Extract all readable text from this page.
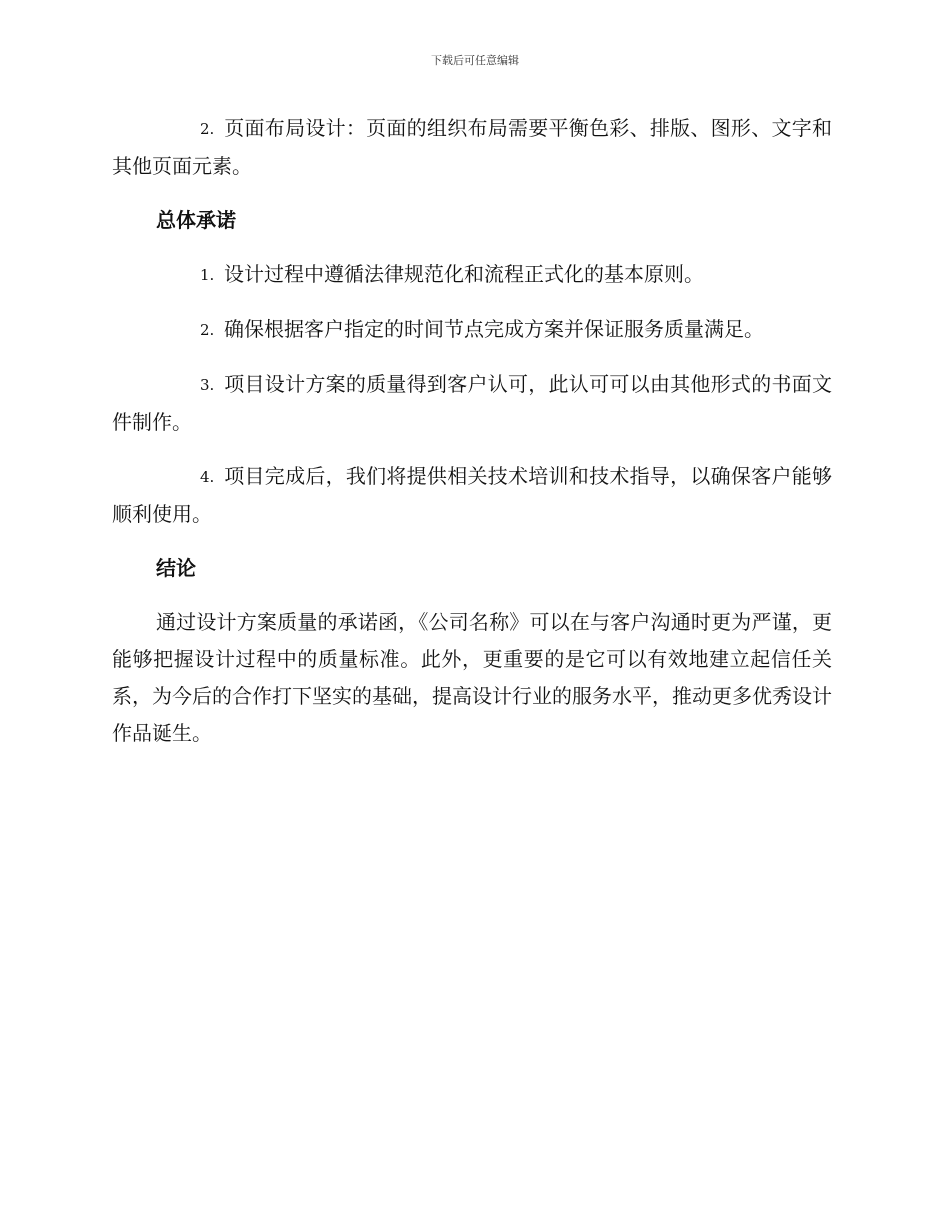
下载后可任意编辑

2. 页面布局设计：页面的组织布局需要平衡色彩、排版、图形、文字和其他页面元素。

总体承诺

1. 设计过程中遵循法律规范化和流程正式化的基本原则。

2. 确保根据客户指定的时间节点完成方案并保证服务质量满足。

3. 项目设计方案的质量得到客户认可，此认可可以由其他形式的书面文件制作。

4. 项目完成后，我们将提供相关技术培训和技术指导，以确保客户能够顺利使用。

结论

通过设计方案质量的承诺函，《公司名称》可以在与客户沟通时更为严谨，更能够把握设计过程中的质量标准。此外，更重要的是它可以有效地建立起信任关系，为今后的合作打下坚实的基础，提高设计行业的服务水平，推动更多优秀设计作品诞生。
